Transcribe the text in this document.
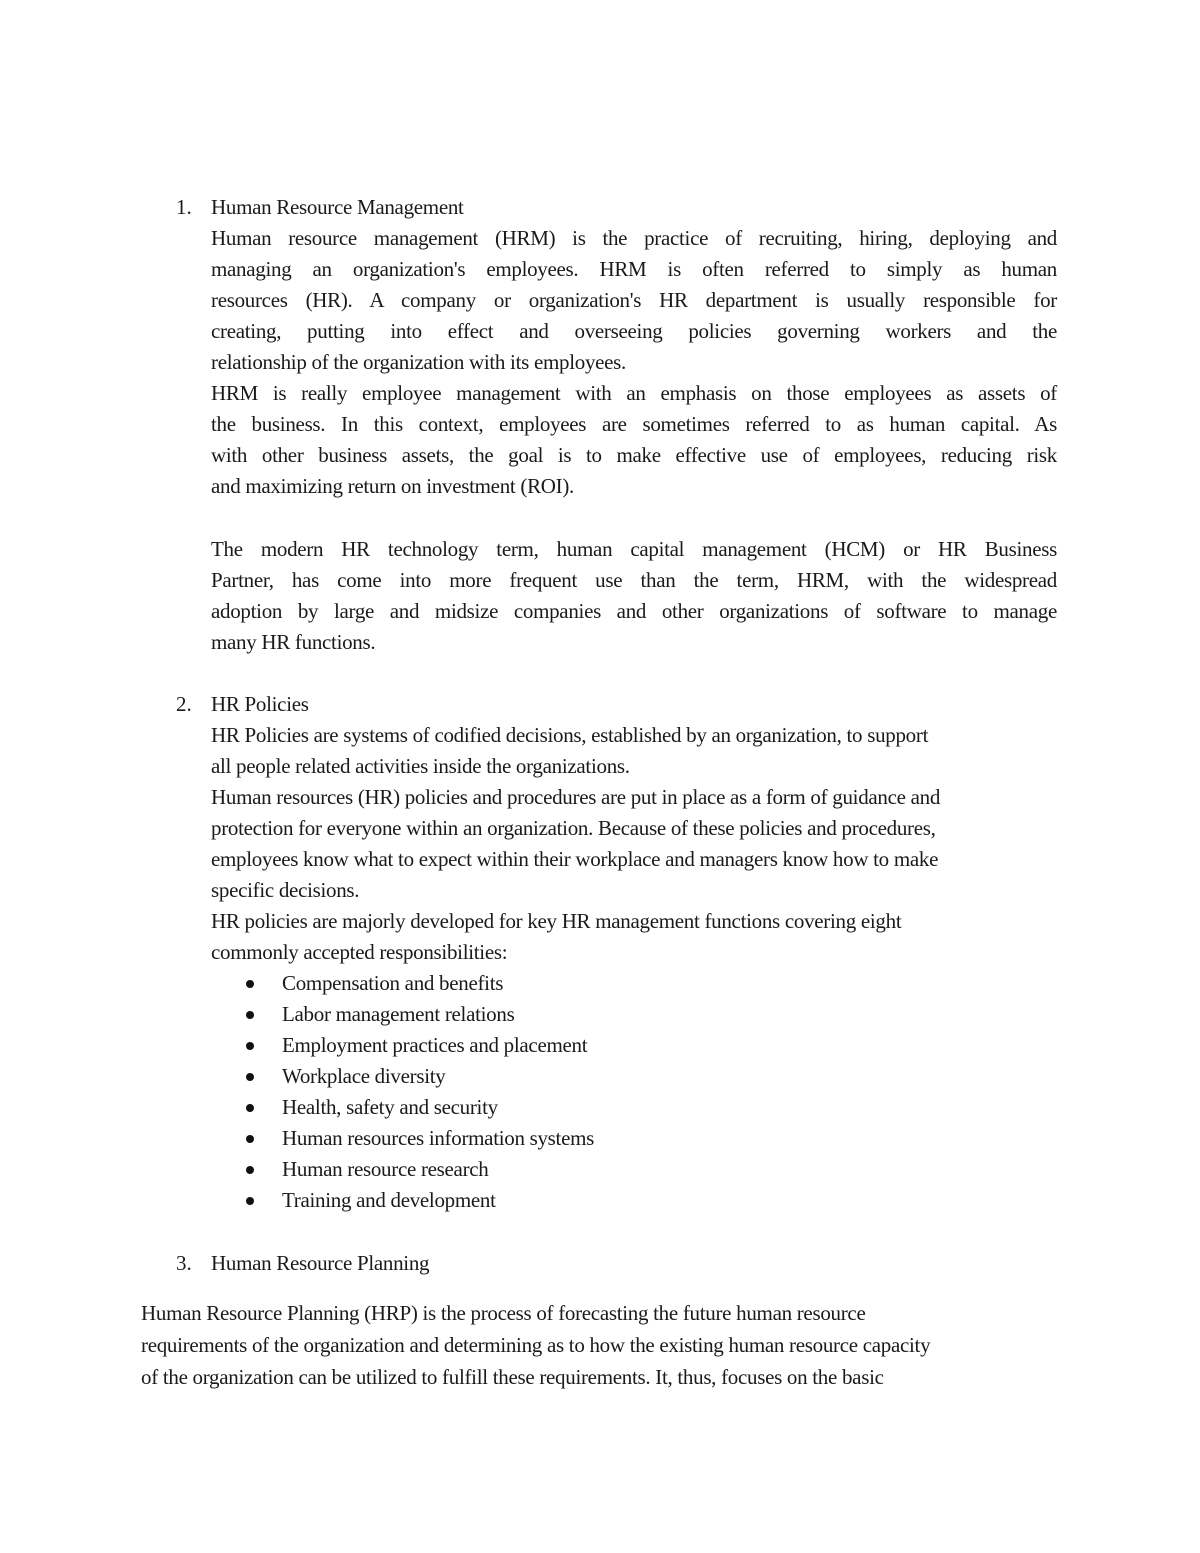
1. Human Resource Management
Human resource management (HRM) is the practice of recruiting, hiring, deploying and
managing an organization's employees. HRM is often referred to simply as human
resources (HR). A company or organization's HR department is usually responsible for
creating, putting into effect and overseeing policies governing workers and the
relationship of the organization with its employees.
HRM is really employee management with an emphasis on those employees as assets of
the business. In this context, employees are sometimes referred to as human capital. As
with other business assets, the goal is to make effective use of employees, reducing risk
and maximizing return on investment (ROI).
The modern HR technology term, human capital management (HCM) or HR Business
Partner, has come into more frequent use than the term, HRM, with the widespread
adoption by large and midsize companies and other organizations of software to manage
many HR functions.
2. HR Policies
HR Policies are systems of codified decisions, established by an organization, to support
all people related activities inside the organizations.
Human resources (HR) policies and procedures are put in place as a form of guidance and
protection for everyone within an organization. Because of these policies and procedures,
employees know what to expect within their workplace and managers know how to make
specific decisions.
HR policies are majorly developed for key HR management functions covering eight
commonly accepted responsibilities:
Compensation and benefits
Labor management relations
Employment practices and placement
Workplace diversity
Health, safety and security
Human resources information systems
Human resource research
Training and development
3. Human Resource Planning
Human Resource Planning (HRP) is the process of forecasting the future human resource
requirements of the organization and determining as to how the existing human resource capacity
of the organization can be utilized to fulfill these requirements. It, thus, focuses on the basic
